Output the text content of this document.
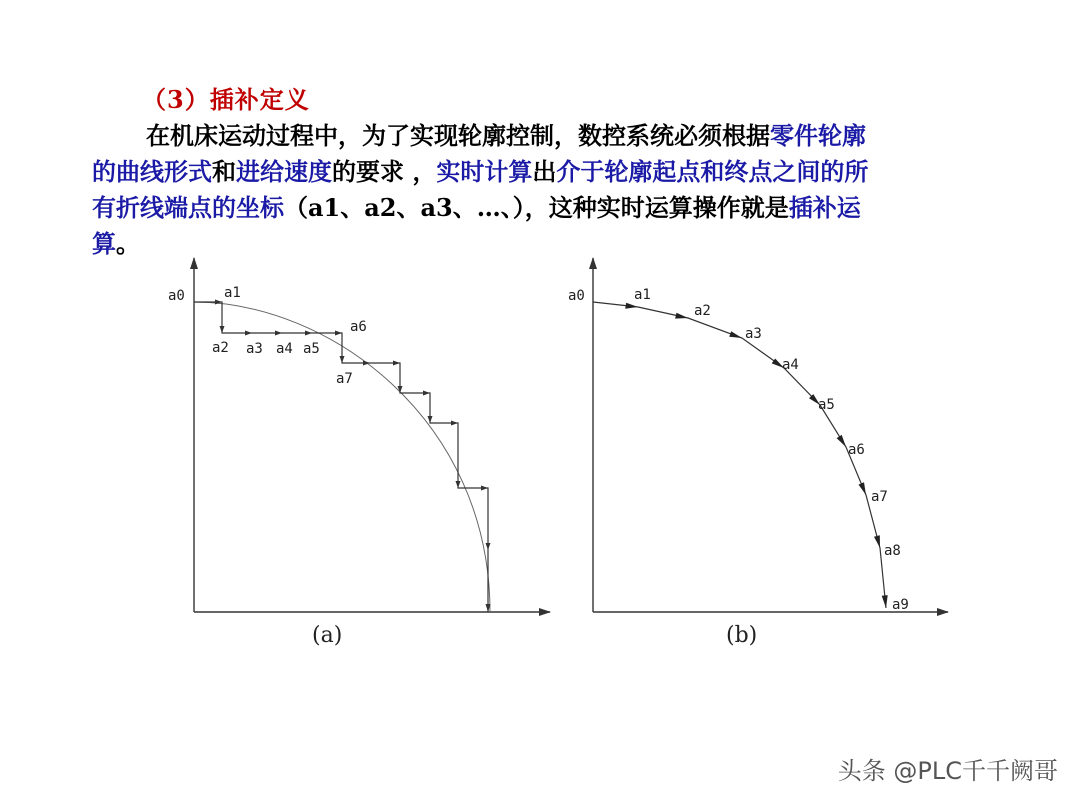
（3）插补定义
在机床运动过程中，为了实现轮廓控制，数控系统必须根据零件轮廓
的曲线形式和进给速度的要求 ，实时计算出介于轮廓起点和终点之间的所
有折线端点的坐标（a1、a2、a3、…、），这种实时运算操作就是插补运
算。
a0	a1
a2 a3 a4 a5
a6
a7
(a)
a0	a1
a2
a3
a4
a5
a6
a7
a8
a9
(b)
头条 @PLC千千阙哥
